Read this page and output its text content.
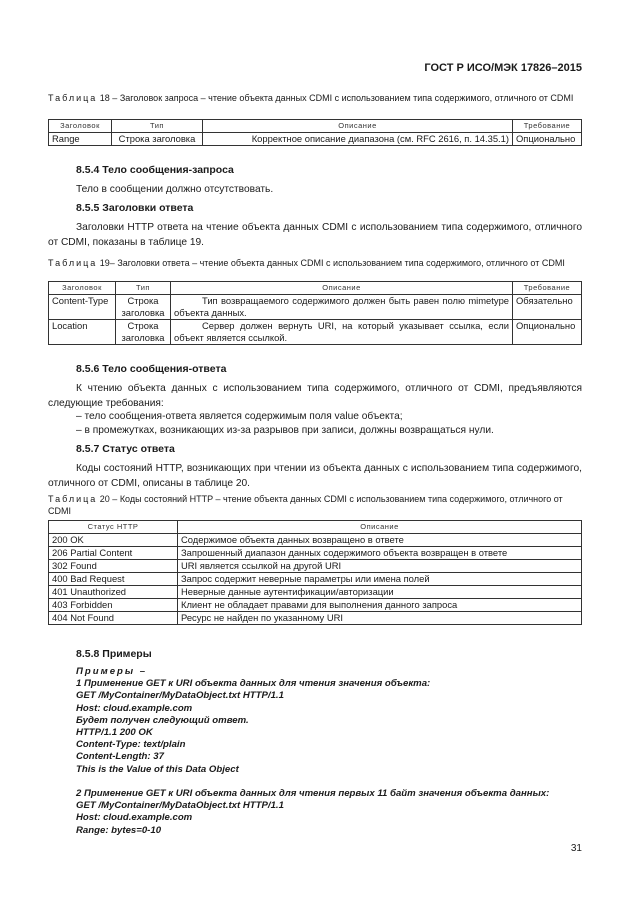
ГОСТ Р ИСО/МЭК 17826–2015
Таблица 18 – Заголовок запроса – чтение объекта данных CDMI с использованием типа содержимого, отличного от CDMI
Заголовок	Тип	Описание	Требование
Range	Строка заголовка	Корректное описание диапазона (см. RFC 2616, п. 14.35.1)	Опционально
8.5.4 Тело сообщения-запроса
Тело в сообщении должно отсутствовать.
8.5.5 Заголовки ответа
Заголовки HTTP ответа на чтение объекта данных CDMI с использованием типа содержимого, отличного от CDMI, показаны в таблице 19.
Таблица 19– Заголовки ответа – чтение объекта данных CDMI с использованием типа содержимого, отличного от CDMI
Заголовок	Тип	Описание	Требование
Content-Type	Строка заголовка	Тип возвращаемого содержимого должен быть равен полю mimetype объекта данных.	Обязательно
Location	Строка заголовка	Сервер должен вернуть URI, на который указывает ссылка, если объект является ссылкой.	Опционально
8.5.6 Тело сообщения-ответа
К чтению объекта данных с использованием типа содержимого, отличного от CDMI, предъявляются следующие требования:
– тело сообщения-ответа является содержимым поля value объекта;
– в промежутках, возникающих из-за разрывов при записи, должны возвращаться нули.
8.5.7 Статус ответа
Коды состояний HTTP, возникающих при чтении из объекта данных с использованием типа содержимого, отличного от CDMI, описаны в таблице 20.
Таблица 20 – Коды состояний HTTP – чтение объекта данных CDMI с использованием типа содержимого, отличного от CDMI
Статус HTTP	Описание
200 OK	Содержимое объекта данных возвращено в ответе
206 Partial Content	Запрошенный диапазон данных содержимого объекта возвращен в ответе
302 Found	URI является ссылкой на другой URI
400 Bad Request	Запрос содержит неверные параметры или имена полей
401 Unauthorized	Неверные данные аутентификации/авторизации
403 Forbidden	Клиент не обладает правами для выполнения данного запроса
404 Not Found	Ресурс не найден по указанному URI
8.5.8 Примеры
Примеры –
1 Применение GET к URI объекта данных для чтения значения объекта:
GET /MyContainer/MyDataObject.txt HTTP/1.1
Host: cloud.example.com
Будет получен следующий ответ.
HTTP/1.1 200 OK
Content-Type: text/plain
Content-Length: 37
This is the Value of this Data Object
2 Применение GET к URI объекта данных для чтения первых 11 байт значения объекта данных:
GET /MyContainer/MyDataObject.txt HTTP/1.1
Host: cloud.example.com
Range: bytes=0-10
31
